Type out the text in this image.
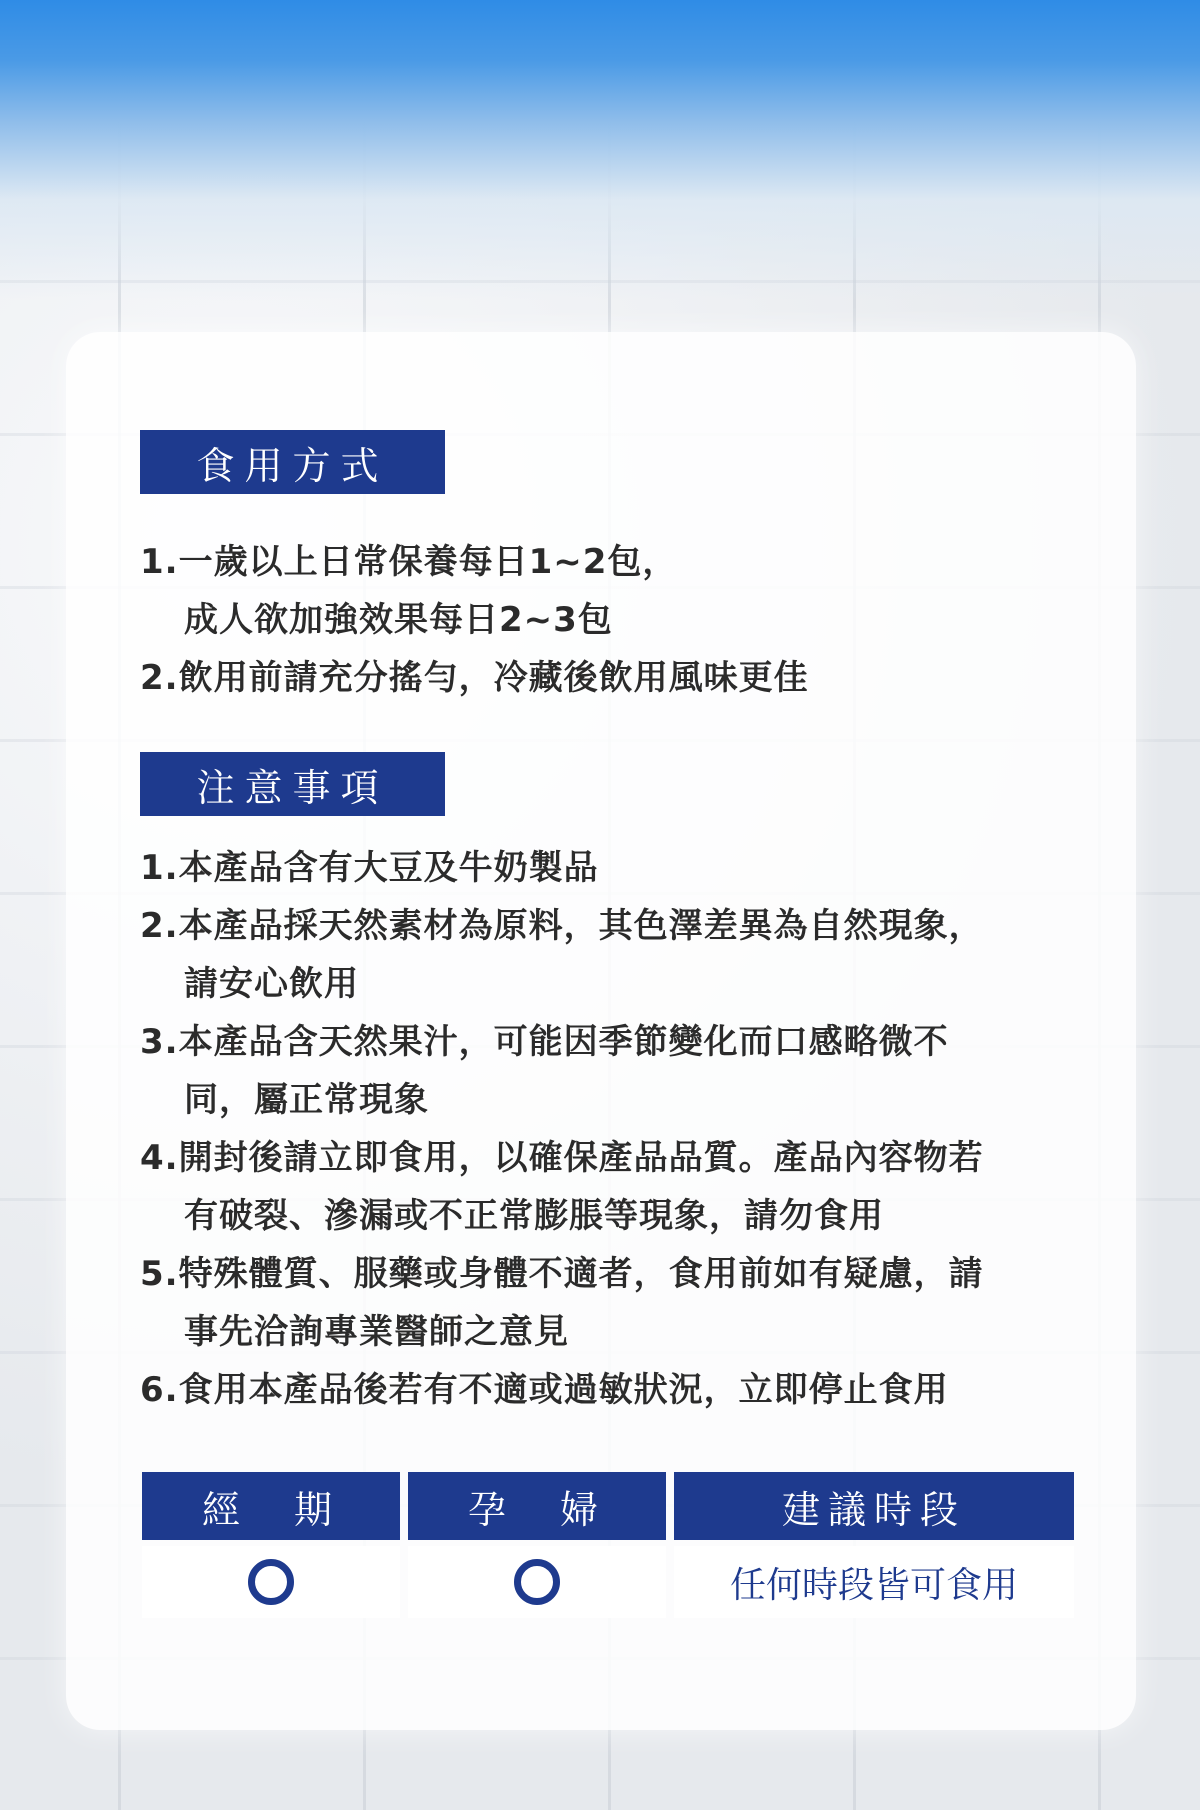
食用方式
1.一歲以上日常保養每日1~2包，
成人欲加強效果每日2~3包
2.飲用前請充分搖勻，冷藏後飲用風味更佳
注意事項
1.本產品含有大豆及牛奶製品
2.本產品採天然素材為原料，其色澤差異為自然現象，
請安心飲用
3.本產品含天然果汁，可能因季節變化而口感略微不
同，屬正常現象
4.開封後請立即食用，以確保產品品質。產品內容物若
有破裂、滲漏或不正常膨脹等現象，請勿食用
5.特殊體質、服藥或身體不適者，食用前如有疑慮，請
事先洽詢專業醫師之意見
6.食用本產品後若有不適或過敏狀況，立即停止食用
經　期	孕　婦	建議時段
任何時段皆可食用
